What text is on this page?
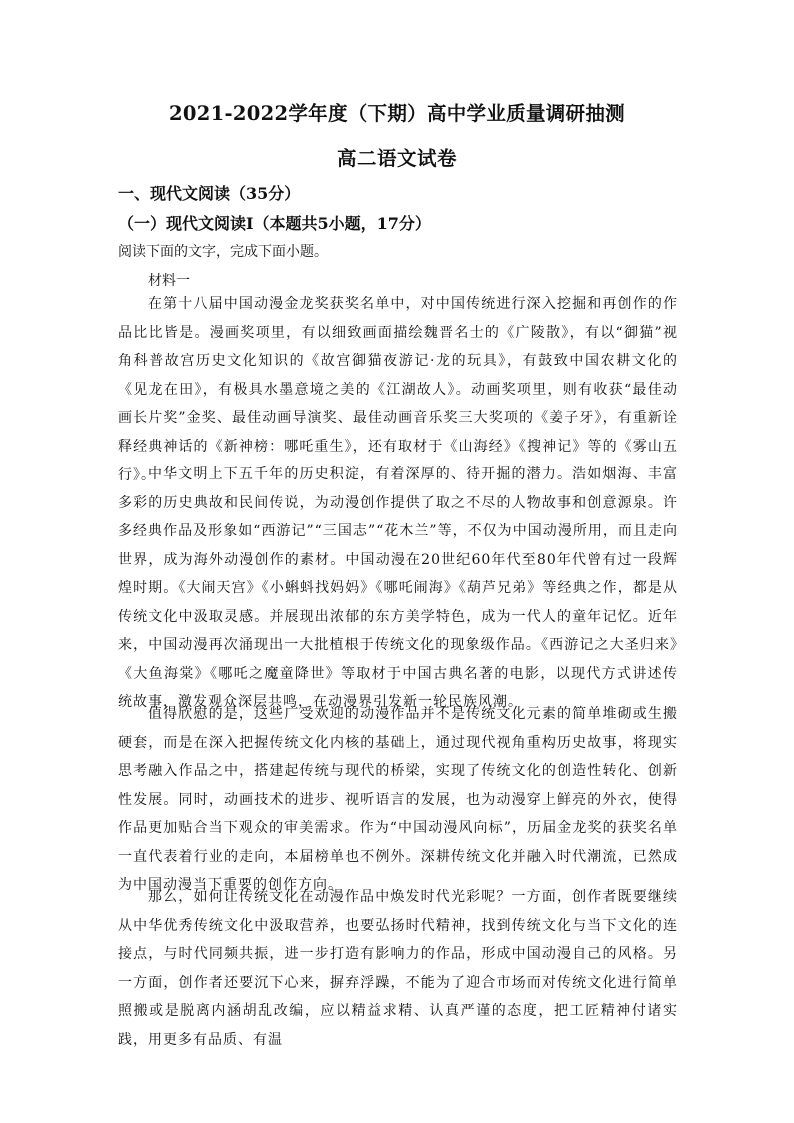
2021-2022学年度（下期）高中学业质量调研抽测
高二语文试卷
一、现代文阅读（35分）
（一）现代文阅读Ⅰ（本题共5小题，17分）
阅读下面的文字，完成下面小题。
材料一

在第十八届中国动漫金龙奖获奖名单中，对中国传统进行深入挖掘和再创作的作品比比皆是。漫画奖项里，有以细致画面描绘魏晋名士的《广陵散》，有以“御猫”视角科普故宫历史文化知识的《故宫御猫夜游记·龙的玩具》，有鼓致中国农耕文化的《见龙在田》，有极具水墨意境之美的《江湖故人》。动画奖项里，则有收获“最佳动画长片奖”金奖、最佳动画导演奖、最佳动画音乐奖三大奖项的《姜子牙》，有重新诠释经典神话的《新神榜：哪吒重生》，还有取材于《山海经》《搜神记》等的《雾山五行》。

中华文明上下五千年的历史积淀，有着深厚的、待开掘的潜力。浩如烟海、丰富多彩的历史典故和民间传说，为动漫创作提供了取之不尽的人物故事和创意源泉。许多经典作品及形象如“西游记”“三国志”“花木兰”等，不仅为中国动漫所用，而且走向世界，成为海外动漫创作的素材。中国动漫在20世纪60年代至80年代曾有过一段辉煌时期。《大闹天宫》《小蝌蚪找妈妈》《哪吒闹海》《葫芦兄弟》等经典之作，都是从传统文化中汲取灵感。并展现出浓郁的东方美学特色，成为一代人的童年记忆。近年来，中国动漫再次涌现出一大批植根于传统文化的现象级作品。《西游记之大圣归来》《大鱼海棠》《哪吒之魔童降世》等取材于中国古典名著的电影，以现代方式讲述传统故事，激发观众深层共鸣，在动漫界引发新一轮民族风潮。

值得欣慰的是，这些广受欢迎的动漫作品并不是传统文化元素的简单堆砌或生搬硬套，而是在深入把握传统文化内核的基础上，通过现代视角重构历史故事，将现实思考融入作品之中，搭建起传统与现代的桥梁，实现了传统文化的创造性转化、创新性发展。同时，动画技术的进步、视听语言的发展，也为动漫穿上鲜亮的外衣，使得作品更加贴合当下观众的审美需求。作为“中国动漫风向标”，历届金龙奖的获奖名单一直代表着行业的走向，本届榜单也不例外。深耕传统文化并融入时代潮流，已然成为中国动漫当下重要的创作方向。

那么，如何让传统文化在动漫作品中焕发时代光彩呢？一方面，创作者既要继续从中华优秀传统文化中汲取营养，也要弘扬时代精神，找到传统文化与当下文化的连接点，与时代同频共振，进一步打造有影响力的作品，形成中国动漫自己的风格。另一方面，创作者还要沉下心来，摒弃浮躁，不能为了迎合市场而对传统文化进行简单照搬或是脱离内涵胡乱改编，应以精益求精、认真严谨的态度，把工匠精神付诸实践，用更多有品质、有温
